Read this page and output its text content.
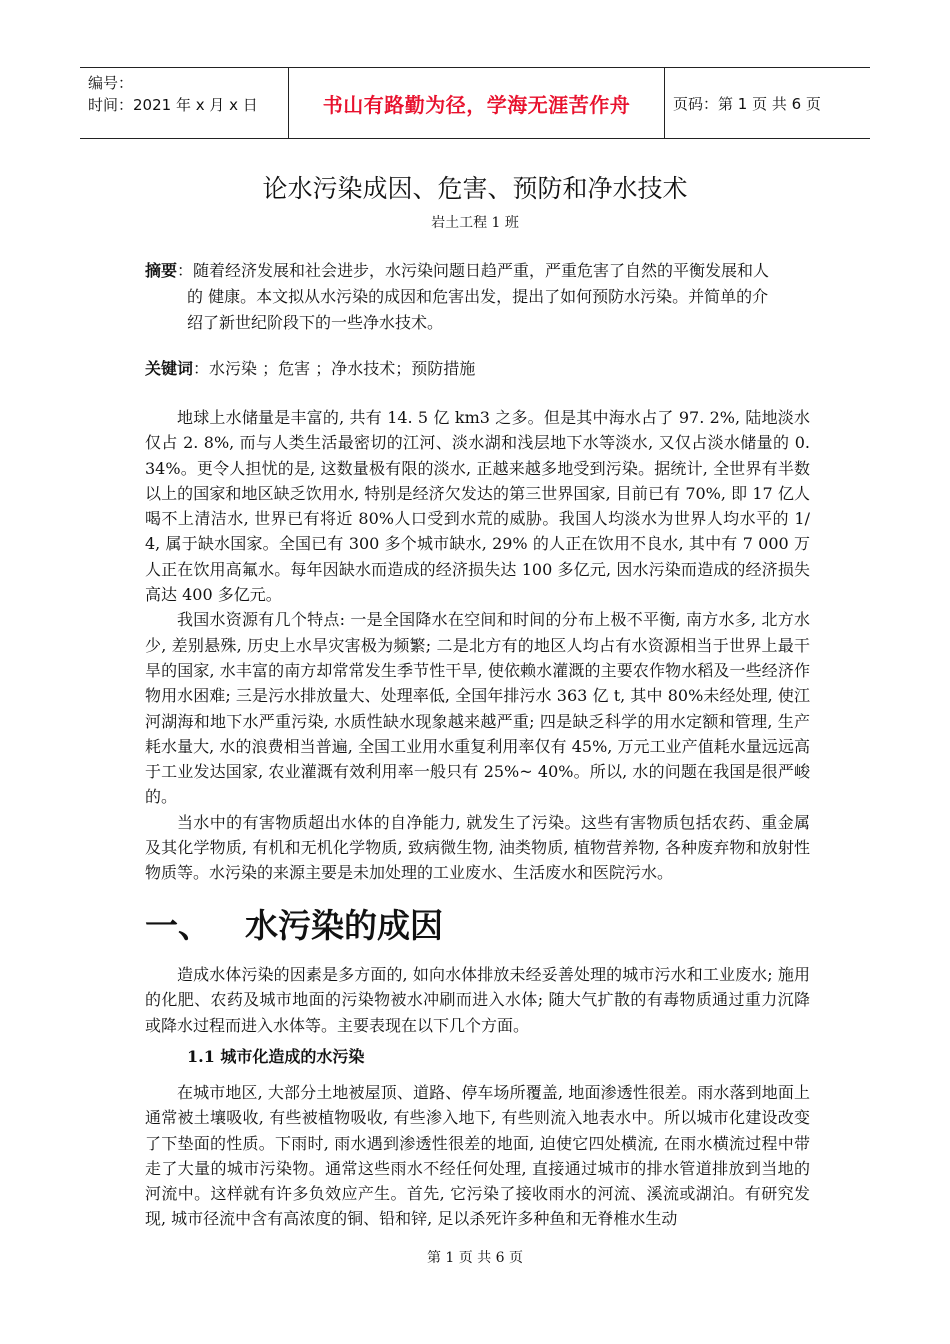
编号：
时间：2021 年 x 月 x 日	书山有路勤为径，学海无涯苦作舟	页码：第 1 页 共 6 页
论水污染成因、危害、预防和净水技术
岩土工程 1 班
摘要：随着经济发展和社会进步，水污染问题日趋严重，严重危害了自然的平衡发展和人
的 健康。本文拟从水污染的成因和危害出发，提出了如何预防水污染。并简单的介
绍了新世纪阶段下的一些净水技术。
关键词：水污染 ；危害 ；净水技术；预防措施

地球上水储量是丰富的, 共有 14. 5 亿 km3 之多。但是其中海水占了 97. 2%, 陆地淡水仅占 2. 8%, 而与人类生活最密切的江河、淡水湖和浅层地下水等淡水, 又仅占淡水储量的 0. 34%。更令人担忧的是, 这数量极有限的淡水, 正越来越多地受到污染。据统计, 全世界有半数以上的国家和地区缺乏饮用水, 特别是经济欠发达的第三世界国家, 目前已有 70%, 即 17 亿人喝不上清洁水, 世界已有将近 80%人口受到水荒的威胁。我国人均淡水为世界人均水平的 1/ 4, 属于缺水国家。全国已有 300 多个城市缺水, 29% 的人正在饮用不良水, 其中有 7 000 万人正在饮用高氟水。每年因缺水而造成的经济损失达 100 多亿元, 因水污染而造成的经济损失高达 400 多亿元。

我国水资源有几个特点: 一是全国降水在空间和时间的分布上极不平衡, 南方水多, 北方水少, 差别悬殊, 历史上水旱灾害极为频繁; 二是北方有的地区人均占有水资源相当于世界上最干旱的国家, 水丰富的南方却常常发生季节性干旱, 使依赖水灌溉的主要农作物水稻及一些经济作物用水困难; 三是污水排放量大、处理率低, 全国年排污水 363 亿 t, 其中 80%未经处理, 使江河湖海和地下水严重污染, 水质性缺水现象越来越严重; 四是缺乏科学的用水定额和管理, 生产耗水量大, 水的浪费相当普遍, 全国工业用水重复利用率仅有 45%, 万元工业产值耗水量远远高于工业发达国家, 农业灌溉有效利用率一般只有 25%~ 40%。所以, 水的问题在我国是很严峻的。

当水中的有害物质超出水体的自净能力, 就发生了污染。这些有害物质包括农药、重金属及其化学物质, 有机和无机化学物质, 致病微生物, 油类物质, 植物营养物, 各种废弃物和放射性物质等。水污染的来源主要是未加处理的工业废水、生活废水和医院污水。

一、 水污染的成因

造成水体污染的因素是多方面的, 如向水体排放未经妥善处理的城市污水和工业废水; 施用的化肥、农药及城市地面的污染物被水冲刷而进入水体; 随大气扩散的有毒物质通过重力沉降或降水过程而进入水体等。主要表现在以下几个方面。

1.1 城市化造成的水污染

在城市地区, 大部分土地被屋顶、道路、停车场所覆盖, 地面渗透性很差。雨水落到地面上通常被土壤吸收, 有些被植物吸收, 有些渗入地下, 有些则流入地表水中。所以城市化建设改变了下垫面的性质。下雨时, 雨水遇到渗透性很差的地面, 迫使它四处横流, 在雨水横流过程中带走了大量的城市污染物。通常这些雨水不经任何处理, 直接通过城市的排水管道排放到当地的河流中。这样就有许多负效应产生。首先, 它污染了接收雨水的河流、溪流或湖泊。有研究发现, 城市径流中含有高浓度的铜、铅和锌, 足以杀死许多种鱼和无脊椎水生动

第 1 页 共 6 页
